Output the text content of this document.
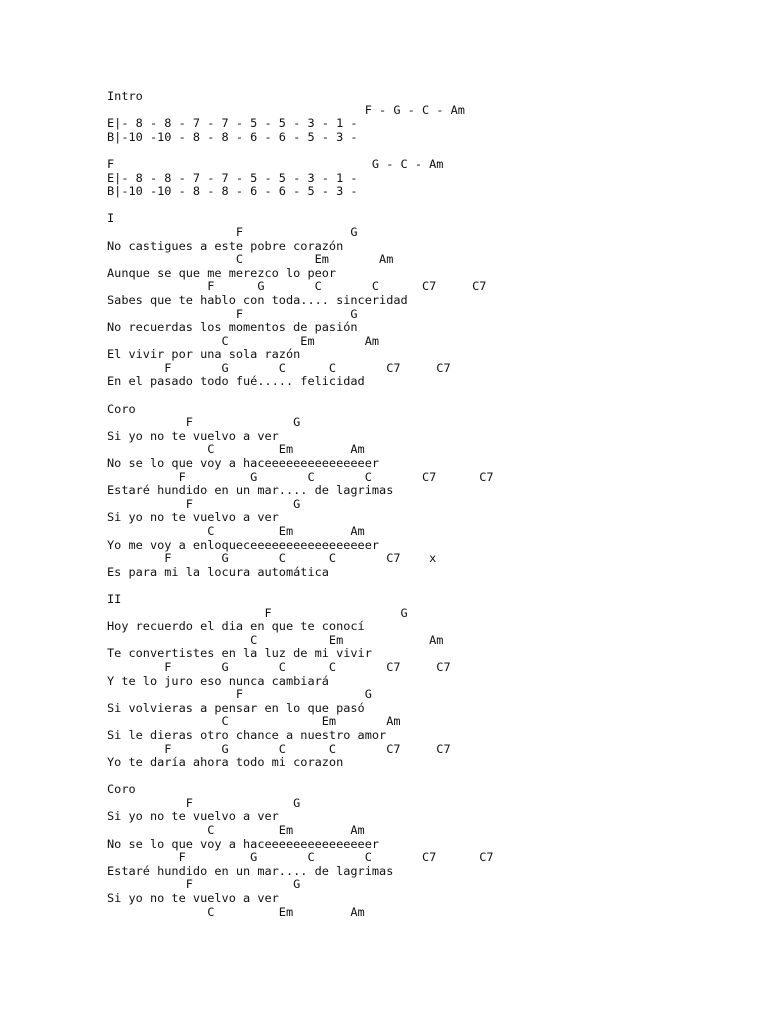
Intro
F - G - C - Am
E|- 8 - 8 - 7 - 7 - 5 - 5 - 3 - 1 -
B|-10 -10 - 8 - 8 - 6 - 6 - 5 - 3 -

F                                    G - C - Am
E|- 8 - 8 - 7 - 7 - 5 - 5 - 3 - 1 -
B|-10 -10 - 8 - 8 - 6 - 6 - 5 - 3 -

I
F               G
No castigues a este pobre corazón
C          Em       Am
Aunque se que me merezco lo peor
F      G       C       C      C7     C7
Sabes que te hablo con toda.... sinceridad
F               G
No recuerdas los momentos de pasión
C          Em       Am
El vivir por una sola razón
F       G       C      C       C7     C7
En el pasado todo fué..... felicidad

Coro
F              G
Si yo no te vuelvo a ver
C         Em        Am
No se lo que voy a haceeeeeeeeeeeeeeer
F         G       C       C       C7      C7
Estaré hundido en un mar.... de lagrimas
F              G
Si yo no te vuelvo a ver
C         Em        Am
Yo me voy a enloqueceeeeeeeeeeeeeeeeer
F       G       C      C       C7    x
Es para mi la locura automática

II
F                  G
Hoy recuerdo el dia en que te conocí
C          Em            Am
Te convertistes en la luz de mi vivir
F       G       C      C       C7     C7
Y te lo juro eso nunca cambiará
F                 G
Si volvieras a pensar en lo que pasó
C             Em       Am
Si le dieras otro chance a nuestro amor
F       G       C      C       C7     C7
Yo te daría ahora todo mi corazon

Coro
F              G
Si yo no te vuelvo a ver
C         Em        Am
No se lo que voy a haceeeeeeeeeeeeeeer
F         G       C       C       C7      C7
Estaré hundido en un mar.... de lagrimas
F              G
Si yo no te vuelvo a ver
C         Em        Am
